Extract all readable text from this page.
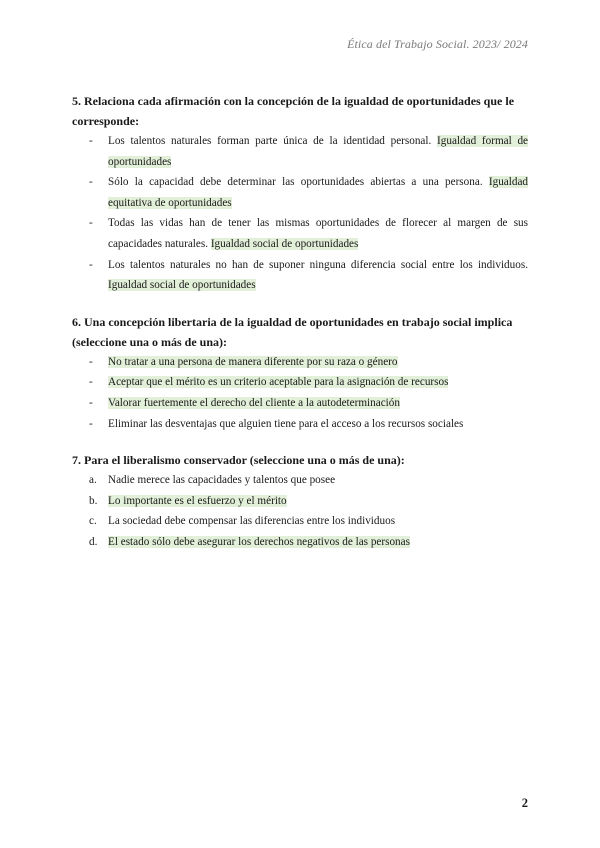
Ética del Trabajo Social. 2023/ 2024

5. Relaciona cada afirmación con la concepción de la igualdad de oportunidades que le corresponde:

- Los talentos naturales forman parte única de la identidad personal. Igualdad formal de oportunidades
- Sólo la capacidad debe determinar las oportunidades abiertas a una persona. Igualdad equitativa de oportunidades
- Todas las vidas han de tener las mismas oportunidades de florecer al margen de sus capacidades naturales. Igualdad social de oportunidades
- Los talentos naturales no han de suponer ninguna diferencia social entre los individuos. Igualdad social de oportunidades

6. Una concepción libertaria de la igualdad de oportunidades en trabajo social implica (seleccione una o más de una):

- No tratar a una persona de manera diferente por su raza o género
- Aceptar que el mérito es un criterio aceptable para la asignación de recursos
- Valorar fuertemente el derecho del cliente a la autodeterminación
- Eliminar las desventajas que alguien tiene para el acceso a los recursos sociales

7. Para el liberalismo conservador (seleccione una o más de una):

a. Nadie merece las capacidades y talentos que posee
b. Lo importante es el esfuerzo y el mérito
c. La sociedad debe compensar las diferencias entre los individuos
d. El estado sólo debe asegurar los derechos negativos de las personas
2
